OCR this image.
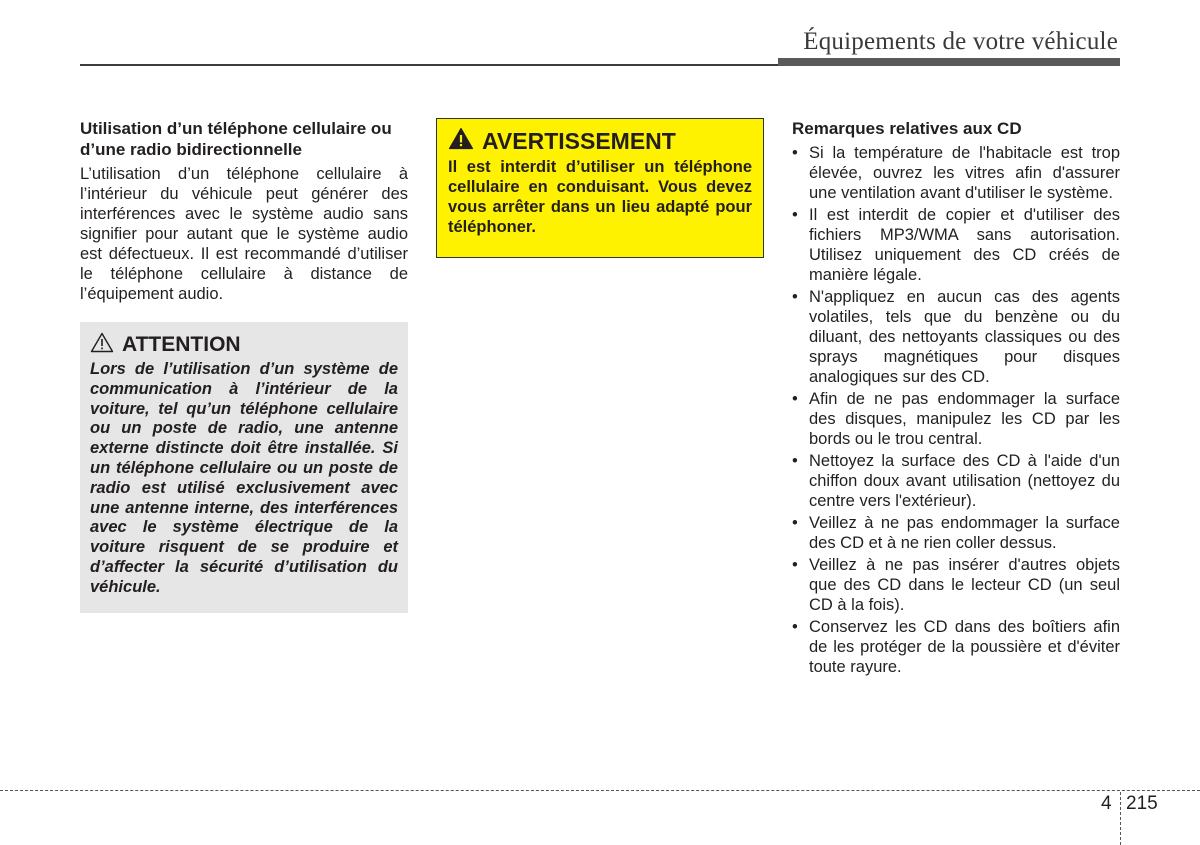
Équipements de votre véhicule
Utilisation d’un téléphone cellulaire ou d’une radio bidirectionnelle

L’utilisation d’un téléphone cellulaire à l’intérieur du véhicule peut générer des interférences avec le système audio sans signifier pour autant que le système audio est défectueux. Il est recommandé d’utiliser le téléphone cellulaire à distance de l’équipement audio.

ATTENTION

Lors de l’utilisation d’un système de communication à l’intérieur de la voiture, tel qu’un téléphone cellulaire ou un poste de radio, une antenne externe distincte doit être installée. Si un téléphone cellulaire ou un poste de radio est utilisé exclusivement avec une antenne interne, des interférences avec le système électrique de la voiture risquent de se produire et d’affecter la sécurité d’utilisation du véhicule.

AVERTISSEMENT

Il est interdit d’utiliser un téléphone cellulaire en conduisant. Vous devez vous arrêter dans un lieu adapté pour téléphoner.

Remarques relatives aux CD
• Si la température de l'habitacle est trop élevée, ouvrez les vitres afin d'assurer une ventilation avant d'utiliser le système.
• Il est interdit de copier et d'utiliser des fichiers MP3/WMA sans autorisation. Utilisez uniquement des CD créés de manière légale.
• N'appliquez en aucun cas des agents volatiles, tels que du benzène ou du diluant, des nettoyants classiques ou des sprays magnétiques pour disques analogiques sur des CD.
• Afin de ne pas endommager la surface des disques, manipulez les CD par les bords ou le trou central.
• Nettoyez la surface des CD à l'aide d'un chiffon doux avant utilisation (nettoyez du centre vers l'extérieur).
• Veillez à ne pas endommager la surface des CD et à ne rien coller dessus.
• Veillez à ne pas insérer d'autres objets que des CD dans le lecteur CD (un seul CD à la fois).
• Conservez les CD dans des boîtiers afin de les protéger de la poussière et d'éviter toute rayure.
4 215
